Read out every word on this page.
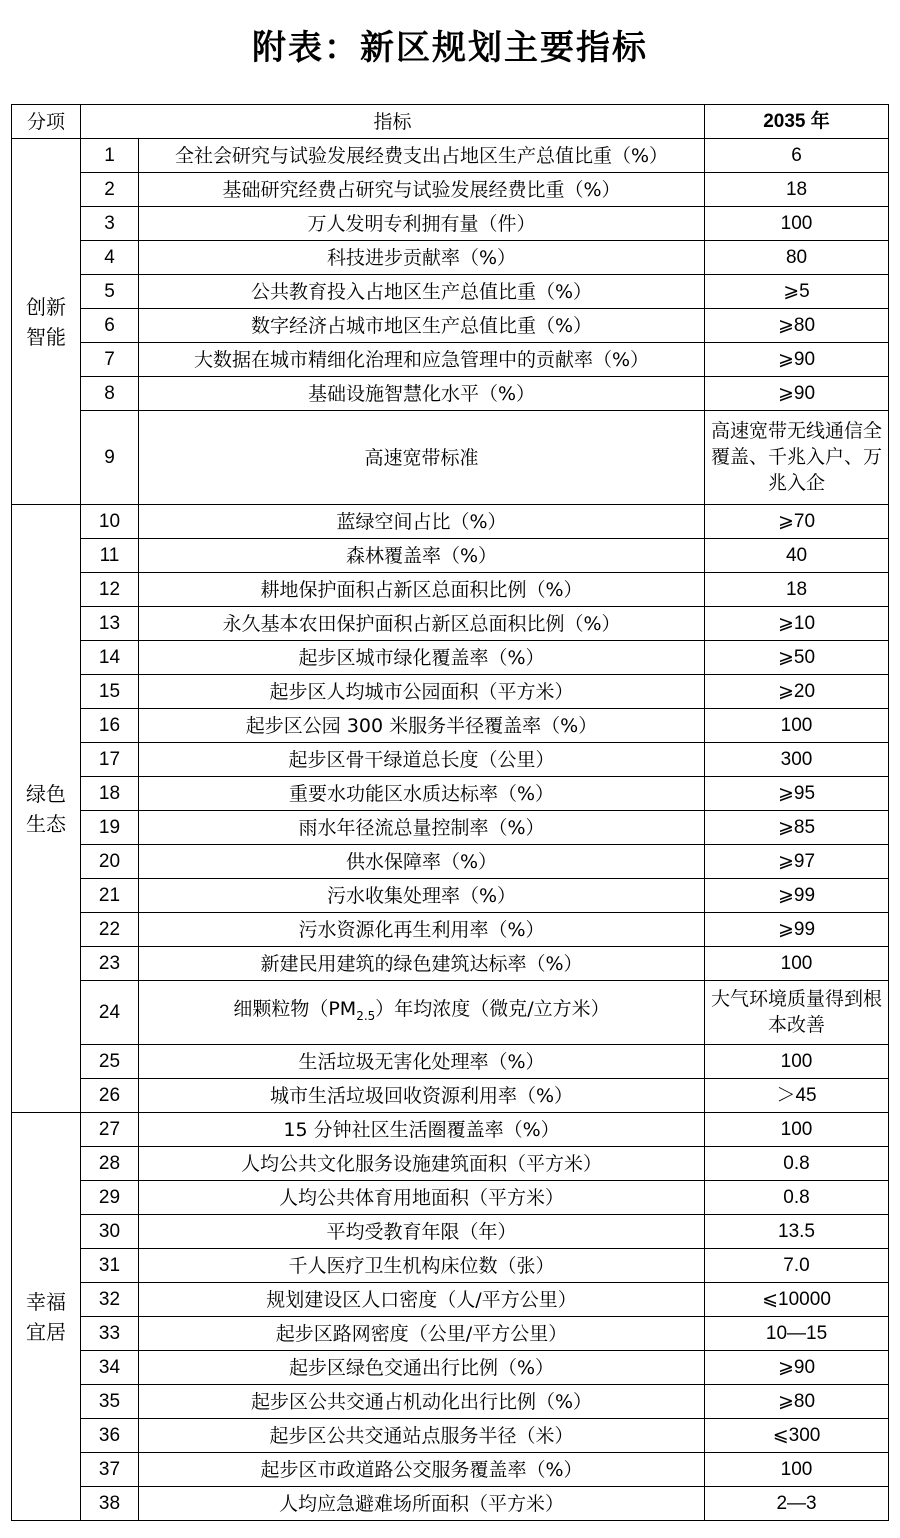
附表：新区规划主要指标
分项	指标		2035 年

创新
智能	1	全社会研究与试验发展经费支出占地区生产总值比重（%）	6
	2	基础研究经费占研究与试验发展经费比重（%）	18
	3	万人发明专利拥有量（件）	100
	4	科技进步贡献率（%）	80
	5	公共教育投入占地区生产总值比重（%）	⩾5
	6	数字经济占城市地区生产总值比重（%）	⩾80
	7	大数据在城市精细化治理和应急管理中的贡献率（%）	⩾90
	8	基础设施智慧化水平（%）	⩾90
	9	高速宽带标准	高速宽带无线通信全覆盖、千兆入户、万兆入企

绿色
生态	10	蓝绿空间占比（%）	⩾70
	11	森林覆盖率（%）	40
	12	耕地保护面积占新区总面积比例（%）	18
	13	永久基本农田保护面积占新区总面积比例（%）	⩾10
	14	起步区城市绿化覆盖率（%）	⩾50
	15	起步区人均城市公园面积（平方米）	⩾20
	16	起步区公园 300 米服务半径覆盖率（%）	100
	17	起步区骨干绿道总长度（公里）	300
	18	重要水功能区水质达标率（%）	⩾95
	19	雨水年径流总量控制率（%）	⩾85
	20	供水保障率（%）	⩾97
	21	污水收集处理率（%）	⩾99
	22	污水资源化再生利用率（%）	⩾99
	23	新建民用建筑的绿色建筑达标率（%）	100
	24	细颗粒物$(PM_{2.5})$年均浓度（微克/立方米）	大气环境质量得到根本改善
	25	生活垃圾无害化处理率（%）	100
	26	城市生活垃圾回收资源利用率（%）	＞45

幸福
宜居	27	15 分钟社区生活圈覆盖率（%）	100
	28	人均公共文化服务设施建筑面积（平方米）	0.8
	29	人均公共体育用地面积（平方米）	0.8
	30	平均受教育年限（年）	13.5
	31	千人医疗卫生机构床位数（张）	7.0
	32	规划建设区人口密度（人/平方公里）	⩽10000
	33	起步区路网密度（公里/平方公里）	10—15
	34	起步区绿色交通出行比例（%）	⩾90
	35	起步区公共交通占机动化出行比例（%）	⩾80
	36	起步区公共交通站点服务半径（米）	⩽300
	37	起步区市政道路公交服务覆盖率（%）	100
	38	人均应急避难场所面积（平方米）	2—3
